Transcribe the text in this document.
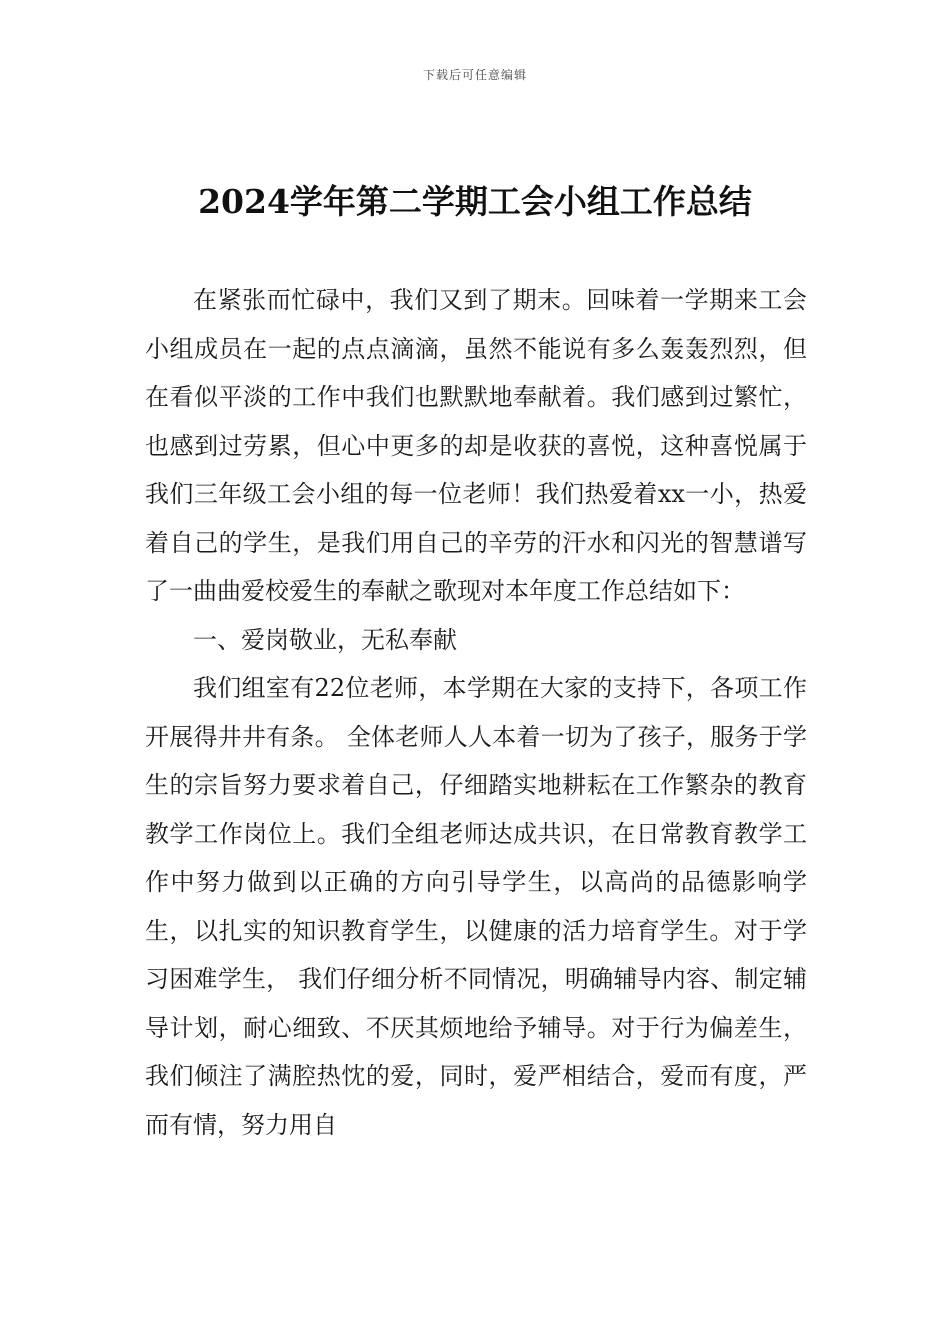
下载后可任意编辑
2024学年第二学期工会小组工作总结

在紧张而忙碌中，我们又到了期末。回味着一学期来工会小组成员在一起的点点滴滴，虽然不能说有多么轰轰烈烈，但在看似平淡的工作中我们也默默地奉献着。我们感到过繁忙，也感到过劳累，但心中更多的却是收获的喜悦，这种喜悦属于我们三年级工会小组的每一位老师！我们热爱着xx一小，热爱着自己的学生，是我们用自己的辛劳的汗水和闪光的智慧谱写了一曲曲爱校爱生的奉献之歌现对本年度工作总结如下：

一、爱岗敬业，无私奉献

我们组室有22位老师，本学期在大家的支持下，各项工作开展得井井有条。 全体老师人人本着一切为了孩子，服务于学生的宗旨努力要求着自己，仔细踏实地耕耘在工作繁杂的教育教学工作岗位上。我们全组老师达成共识，在日常教育教学工作中努力做到以正确的方向引导学生，以高尚的品德影响学生，以扎实的知识教育学生，以健康的活力培育学生。对于学习困难学生， 我们仔细分析不同情况，明确辅导内容、制定辅导计划，耐心细致、不厌其烦地给予辅导。对于行为偏差生，我们倾注了满腔热忱的爱，同时，爱严相结合，爱而有度，严而有情，努力用自
